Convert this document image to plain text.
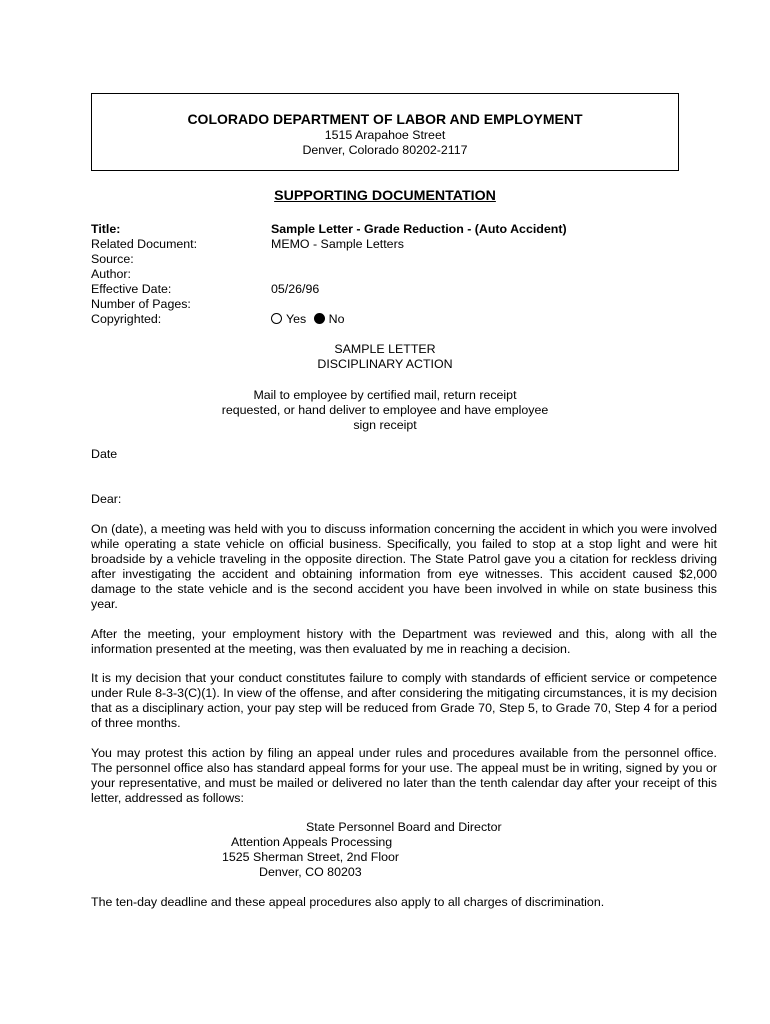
COLORADO DEPARTMENT OF LABOR AND EMPLOYMENT
1515 Arapahoe Street
Denver, Colorado 80202-2117
SUPPORTING DOCUMENTATION
Title:	Sample Letter - Grade Reduction - (Auto Accident)
Related Document:	MEMO - Sample Letters
Source:
Author:
Effective Date:	05/26/96
Number of Pages:
Copyrighted:	Yes No
SAMPLE LETTER
DISCIPLINARY ACTION
Mail to employee by certified mail, return receipt
requested, or hand deliver to employee and have employee
sign receipt
Date
Dear:

On (date), a meeting was held with you to discuss information concerning the accident in which you were involved while operating a state vehicle on official business. Specifically, you failed to stop at a stop light and were hit broadside by a vehicle traveling in the opposite direction. The State Patrol gave you a citation for reckless driving after investigating the accident and obtaining information from eye witnesses. This accident caused $2,000 damage to the state vehicle and is the second accident you have been involved in while on state business this year.

After the meeting, your employment history with the Department was reviewed and this, along with all the information presented at the meeting, was then evaluated by me in reaching a decision.

It is my decision that your conduct constitutes failure to comply with standards of efficient service or competence under Rule 8-3-3(C)(1). In view of the offense, and after considering the mitigating circumstances, it is my decision that as a disciplinary action, your pay step will be reduced from Grade 70, Step 5, to Grade 70, Step 4 for a period of three months.

You may protest this action by filing an appeal under rules and procedures available from the personnel office. The personnel office also has standard appeal forms for your use. The appeal must be in writing, signed by you or your representative, and must be mailed or delivered no later than the tenth calendar day after your receipt of this letter, addressed as follows:

State Personnel Board and Director
Attention Appeals Processing
1525 Sherman Street, 2nd Floor
Denver, CO 80203

The ten-day deadline and these appeal procedures also apply to all charges of discrimination.
